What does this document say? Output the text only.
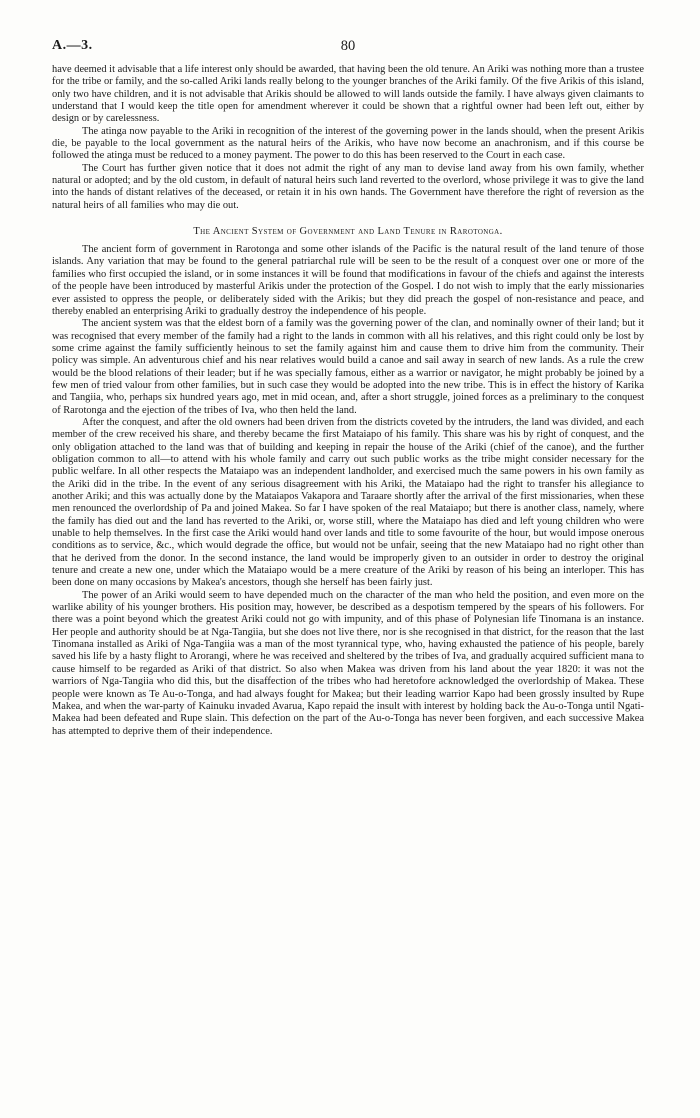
A.—3.	80

have deemed it advisable that a life interest only should be awarded, that having been the old tenure. An Ariki was nothing more than a trustee for the tribe or family, and the so-called Ariki lands really belong to the younger branches of the Ariki family. Of the five Arikis of this island, only two have children, and it is not advisable that Arikis should be allowed to will lands outside the family. I have always given claimants to understand that I would keep the title open for amendment wherever it could be shown that a rightful owner had been left out, either by design or by carelessness.

The atinga now payable to the Ariki in recognition of the interest of the governing power in the lands should, when the present Arikis die, be payable to the local government as the natural heirs of the Arikis, who have now become an anachronism, and if this course be followed the atinga must be reduced to a money payment. The power to do this has been reserved to the Court in each case.

The Court has further given notice that it does not admit the right of any man to devise land away from his own family, whether natural or adopted; and by the old custom, in default of natural heirs such land reverted to the overlord, whose privilege it was to give the land into the hands of distant relatives of the deceased, or retain it in his own hands. The Government have therefore the right of reversion as the natural heirs of all families who may die out.

The Ancient System of Government and Land Tenure in Rarotonga.

The ancient form of government in Rarotonga and some other islands of the Pacific is the natural result of the land tenure of those islands. Any variation that may be found to the general patriarchal rule will be seen to be the result of a conquest over one or more of the families who first occupied the island, or in some instances it will be found that modifications in favour of the chiefs and against the interests of the people have been introduced by masterful Arikis under the protection of the Gospel. I do not wish to imply that the early missionaries ever assisted to oppress the people, or deliberately sided with the Arikis; but they did preach the gospel of non-resistance and peace, and thereby enabled an enterprising Ariki to gradually destroy the independence of his people.

The ancient system was that the eldest born of a family was the governing power of the clan, and nominally owner of their land; but it was recognised that every member of the family had a right to the lands in common with all his relatives, and this right could only be lost by some crime against the family sufficiently heinous to set the family against him and cause them to drive him from the community. Their policy was simple. An adventurous chief and his near relatives would build a canoe and sail away in search of new lands. As a rule the crew would be the blood relations of their leader; but if he was specially famous, either as a warrior or navigator, he might probably be joined by a few men of tried valour from other families, but in such case they would be adopted into the new tribe. This is in effect the history of Karika and Tangiia, who, perhaps six hundred years ago, met in mid ocean, and, after a short struggle, joined forces as a preliminary to the conquest of Rarotonga and the ejection of the tribes of Iva, who then held the land.

After the conquest, and after the old owners had been driven from the districts coveted by the intruders, the land was divided, and each member of the crew received his share, and thereby became the first Mataiapo of his family. This share was his by right of conquest, and the only obligation attached to the land was that of building and keeping in repair the house of the Ariki (chief of the canoe), and the further obligation common to all—to attend with his whole family and carry out such public works as the tribe might consider necessary for the public welfare. In all other respects the Mataiapo was an independent landholder, and exercised much the same powers in his own family as the Ariki did in the tribe. In the event of any serious disagreement with his Ariki, the Mataiapo had the right to transfer his allegiance to another Ariki; and this was actually done by the Mataiapos Vakapora and Taraare shortly after the arrival of the first missionaries, when these men renounced the overlordship of Pa and joined Makea. So far I have spoken of the real Mataiapo; but there is another class, namely, where the family has died out and the land has reverted to the Ariki, or, worse still, where the Mataiapo has died and left young children who were unable to help themselves. In the first case the Ariki would hand over lands and title to some favourite of the hour, but would impose onerous conditions as to service, &c., which would degrade the office, but would not be unfair, seeing that the new Mataiapo had no right other than that he derived from the donor. In the second instance, the land would be improperly given to an outsider in order to destroy the original tenure and create a new one, under which the Mataiapo would be a mere creature of the Ariki by reason of his being an interloper. This has been done on many occasions by Makea's ancestors, though she herself has been fairly just.

The power of an Ariki would seem to have depended much on the character of the man who held the position, and even more on the warlike ability of his younger brothers. His position may, however, be described as a despotism tempered by the spears of his followers. For there was a point beyond which the greatest Ariki could not go with impunity, and of this phase of Polynesian life Tinomana is an instance. Her people and authority should be at Nga-Tangiia, but she does not live there, nor is she recognised in that district, for the reason that the last Tinomana installed as Ariki of Nga-Tangiia was a man of the most tyrannical type, who, having exhausted the patience of his people, barely saved his life by a hasty flight to Arorangi, where he was received and sheltered by the tribes of Iva, and gradually acquired sufficient mana to cause himself to be regarded as Ariki of that district. So also when Makea was driven from his land about the year 1820: it was not the warriors of Nga-Tangiia who did this, but the disaffection of the tribes who had heretofore acknowledged the overlordship of Makea. These people were known as Te Au-o-Tonga, and had always fought for Makea; but their leading warrior Kapo had been grossly insulted by Rupe Makea, and when the war-party of Kainuku invaded Avarua, Kapo repaid the insult with interest by holding back the Au-o-Tonga until Ngati-Makea had been defeated and Rupe slain. This defection on the part of the Au-o-Tonga has never been forgiven, and each successive Makea has attempted to deprive them of their independence.
